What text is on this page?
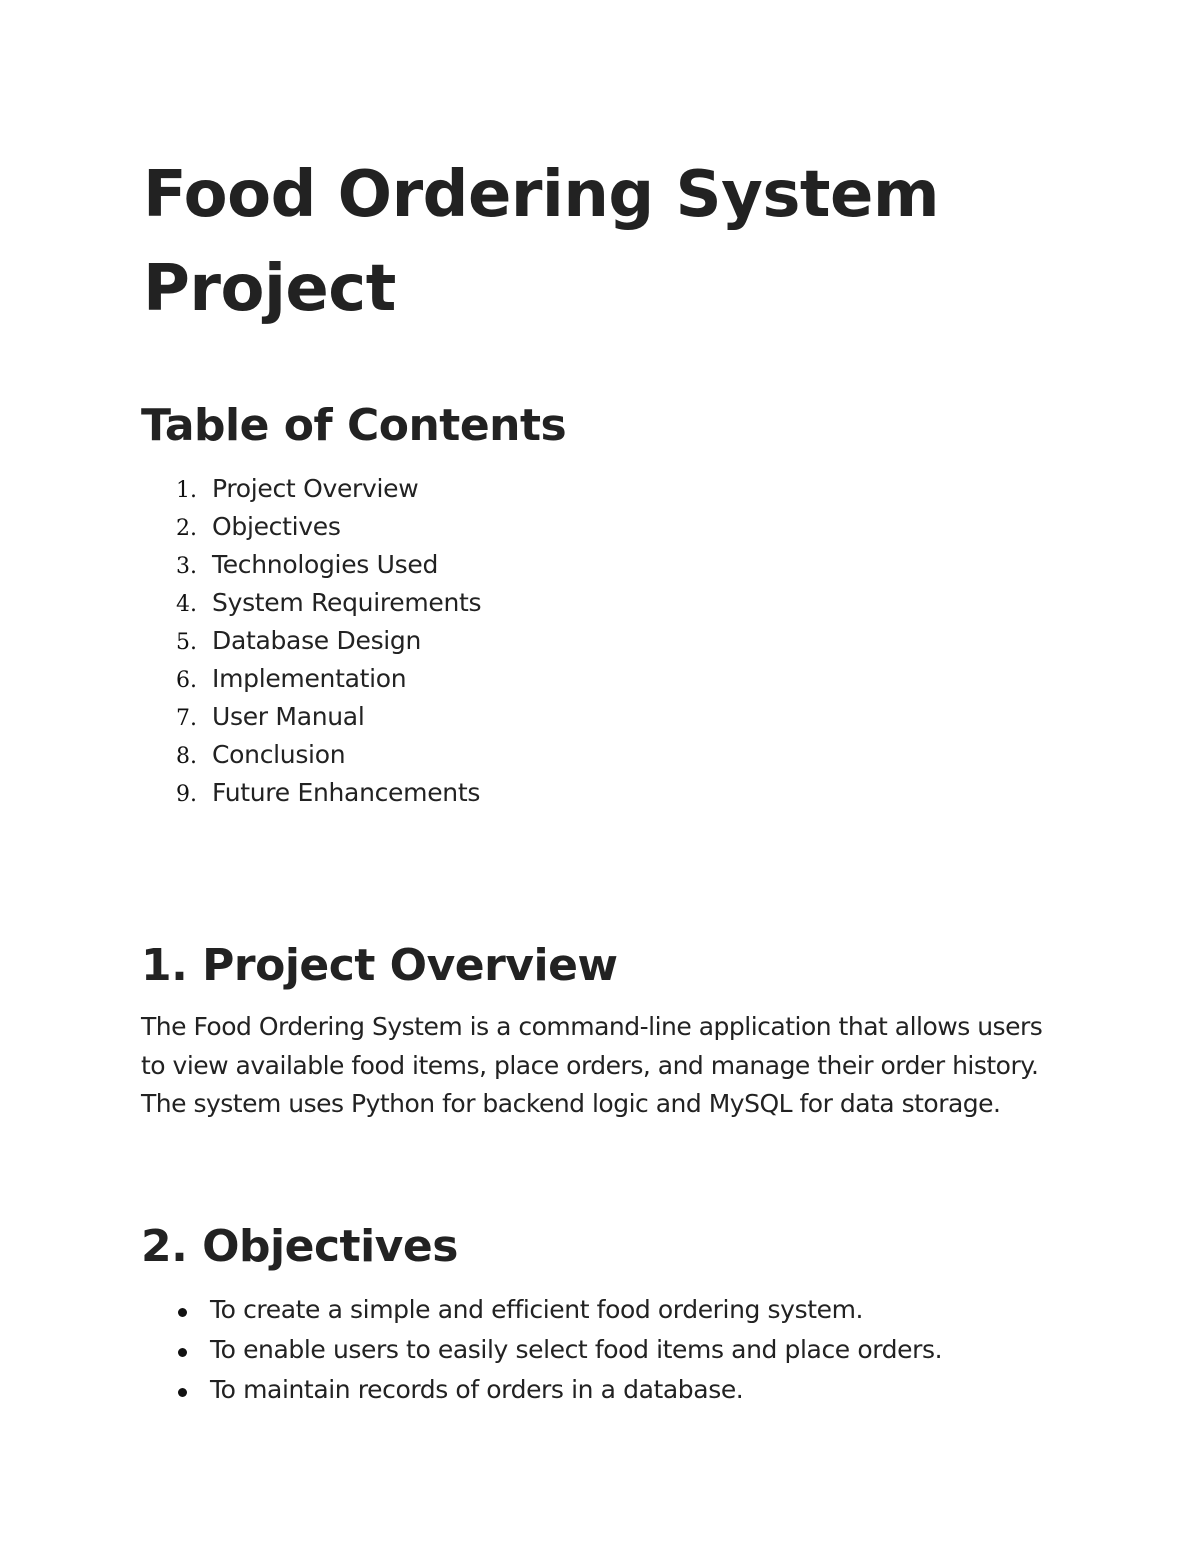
Food Ordering System Project
Table of Contents
1. Project Overview
2. Objectives
3. Technologies Used
4. System Requirements
5. Database Design
6. Implementation
7. User Manual
8. Conclusion
9. Future Enhancements
1. Project Overview

The Food Ordering System is a command-line application that allows users to view available food items, place orders, and manage their order history. The system uses Python for backend logic and MySQL for data storage.

2. Objectives
To create a simple and efficient food ordering system.
To enable users to easily select food items and place orders.
To maintain records of orders in a database.
